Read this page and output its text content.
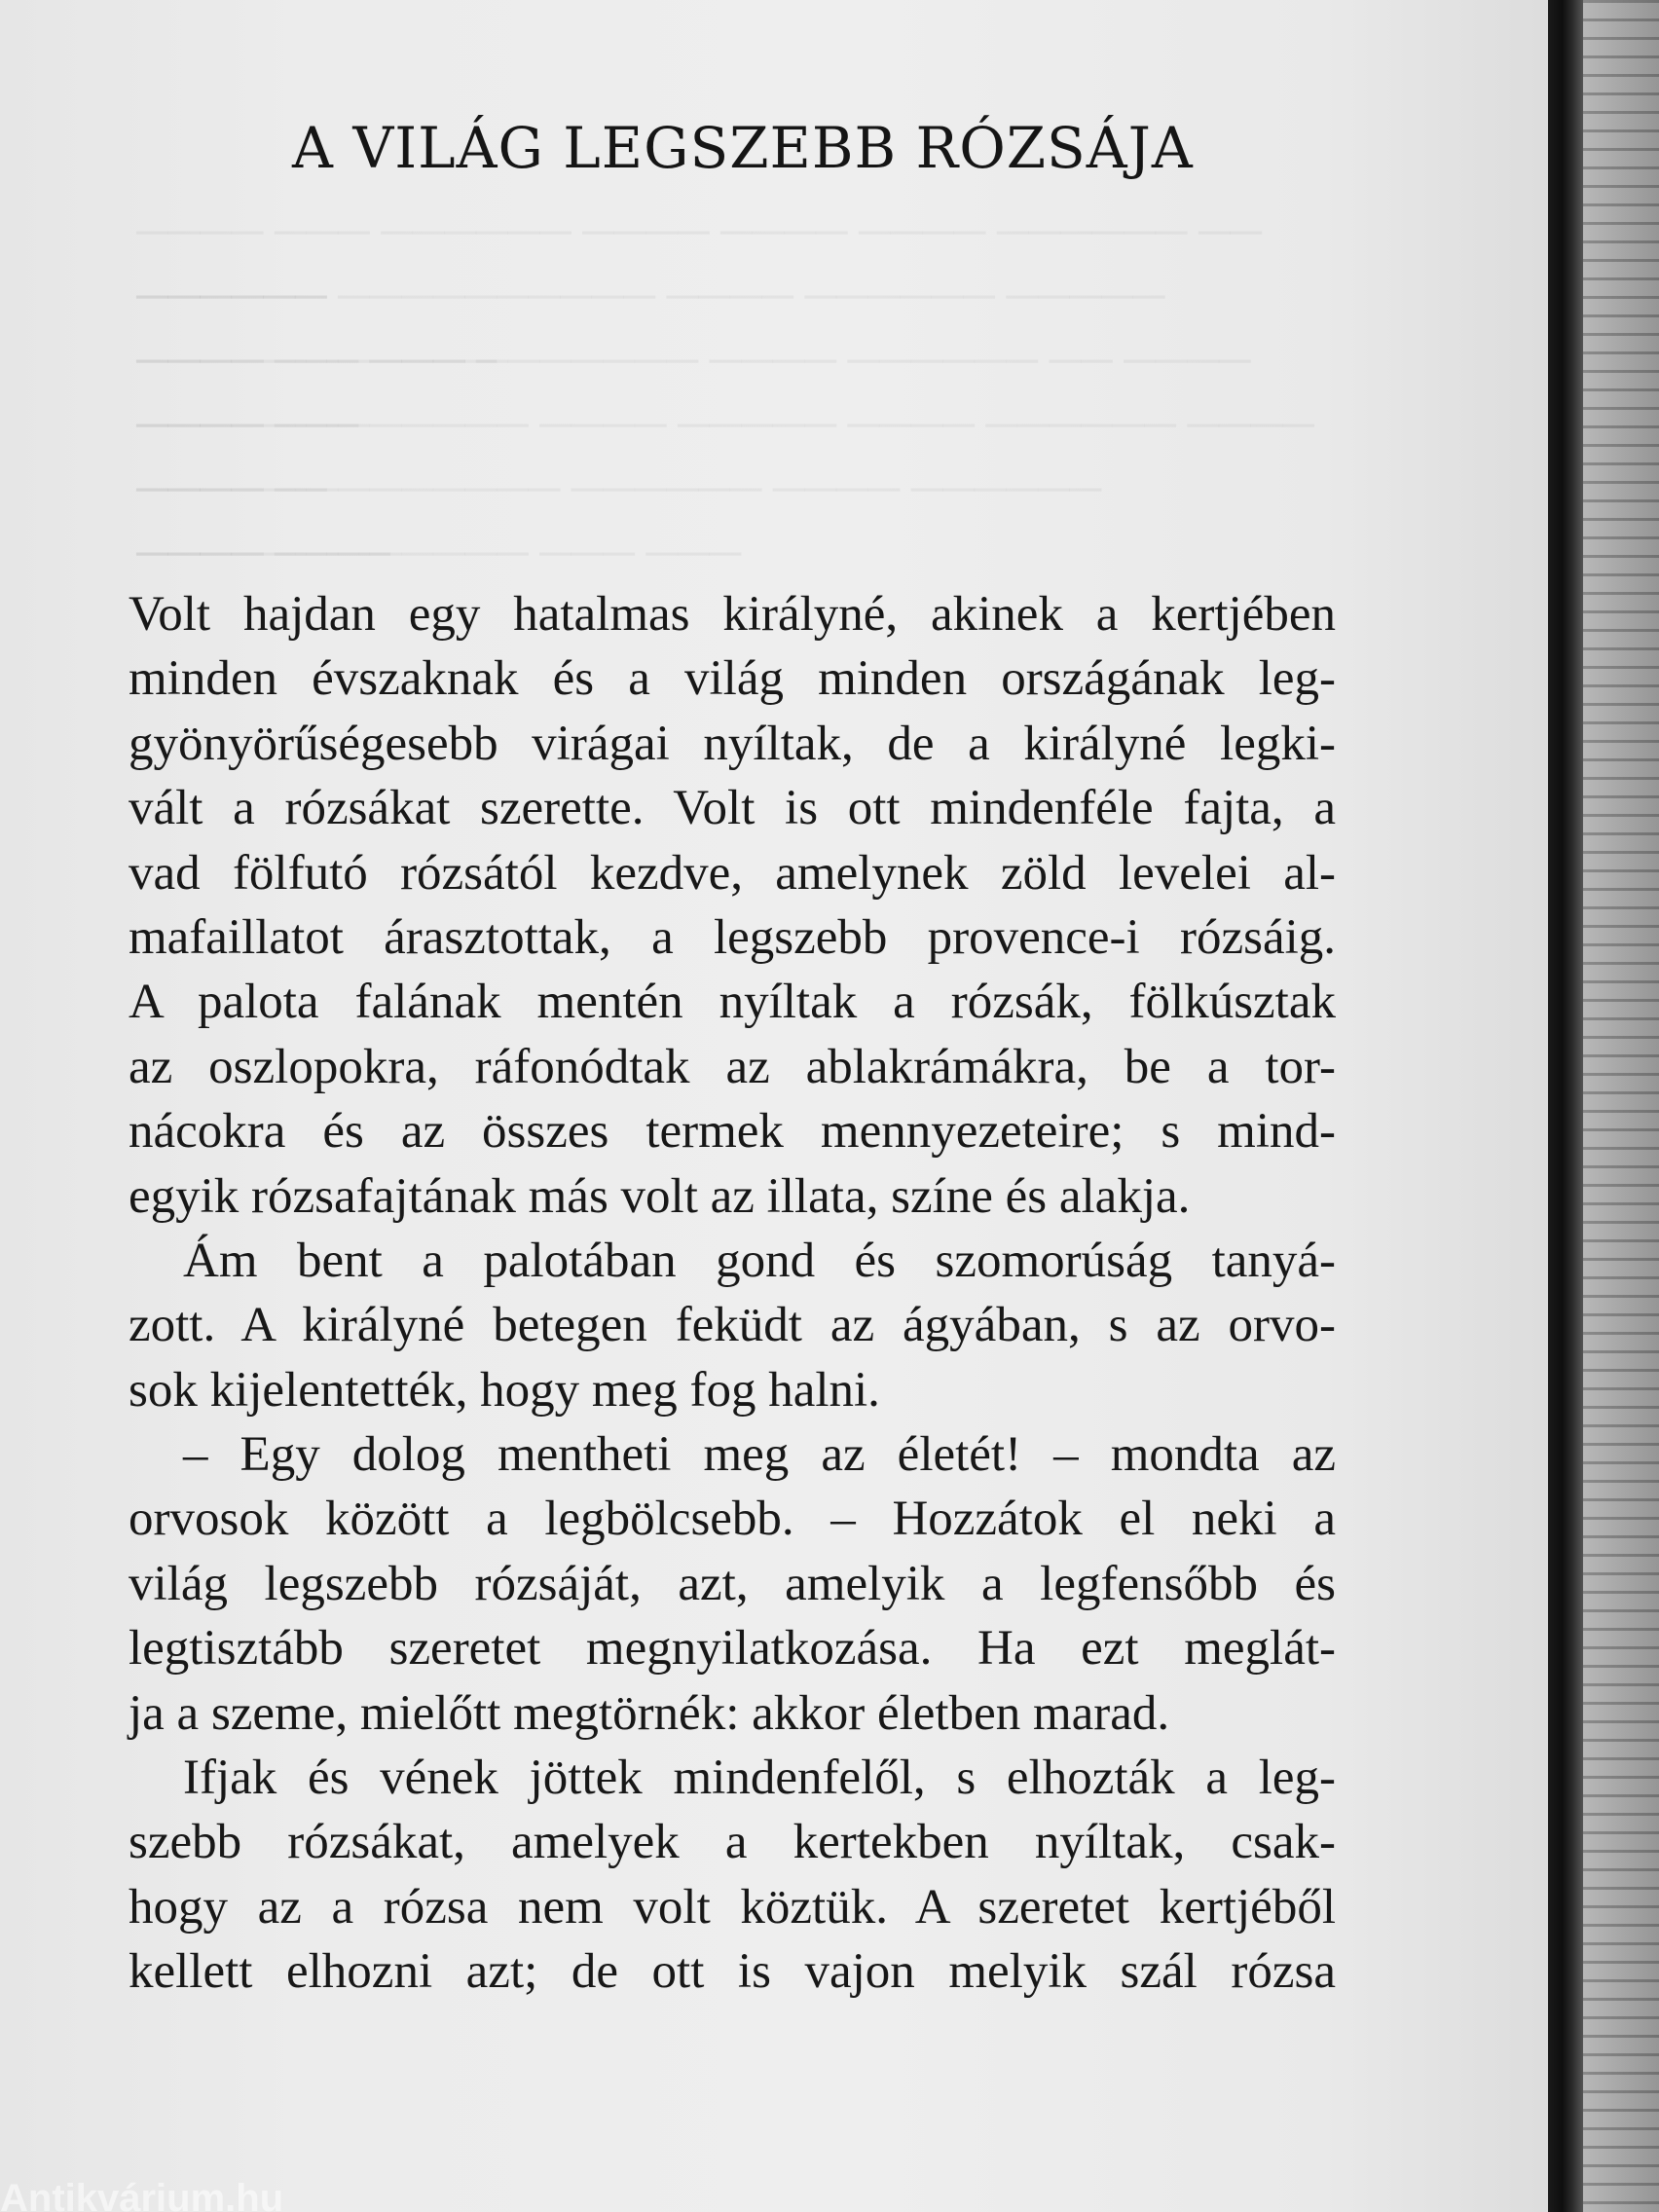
A VILÁG LEGSZEBB RÓZSÁJA
Volt hajdan egy hatalmas királyné, akinek a kertjében
minden évszaknak és a világ minden országának leg-
gyönyörűségesebb virágai nyíltak, de a királyné legki-
vált a rózsákat szerette. Volt is ott mindenféle fajta, a
vad fölfutó rózsától kezdve, amelynek zöld levelei al-
mafaillatot árasztottak, a legszebb provence-i rózsáig.
A palota falának mentén nyíltak a rózsák, fölkúsztak
az oszlopokra, ráfonódtak az ablakrámákra, be a tor-
nácokra és az összes termek mennyezeteire; s mind-
egyik rózsafajtának más volt az illata, színe és alakja.
Ám bent a palotában gond és szomorúság tanyá-
zott. A királyné betegen feküdt az ágyában, s az orvo-
sok kijelentették, hogy meg fog halni.
– Egy dolog mentheti meg az életét! – mondta az
orvosok között a legbölcsebb. – Hozzátok el neki a
világ legszebb rózsáját, azt, amelyik a legfensőbb és
legtisztább szeretet megnyilatkozása. Ha ezt meglát-
ja a szeme, mielőtt megtörnék: akkor életben marad.
Ifjak és vének jöttek mindenfelől, s elhozták a leg-
szebb rózsákat, amelyek a kertekben nyíltak, csak-
hogy az a rózsa nem volt köztük. A szeretet kertjéből
kellett elhozni azt; de ott is vajon melyik szál rózsa
Antikvárium.hu
